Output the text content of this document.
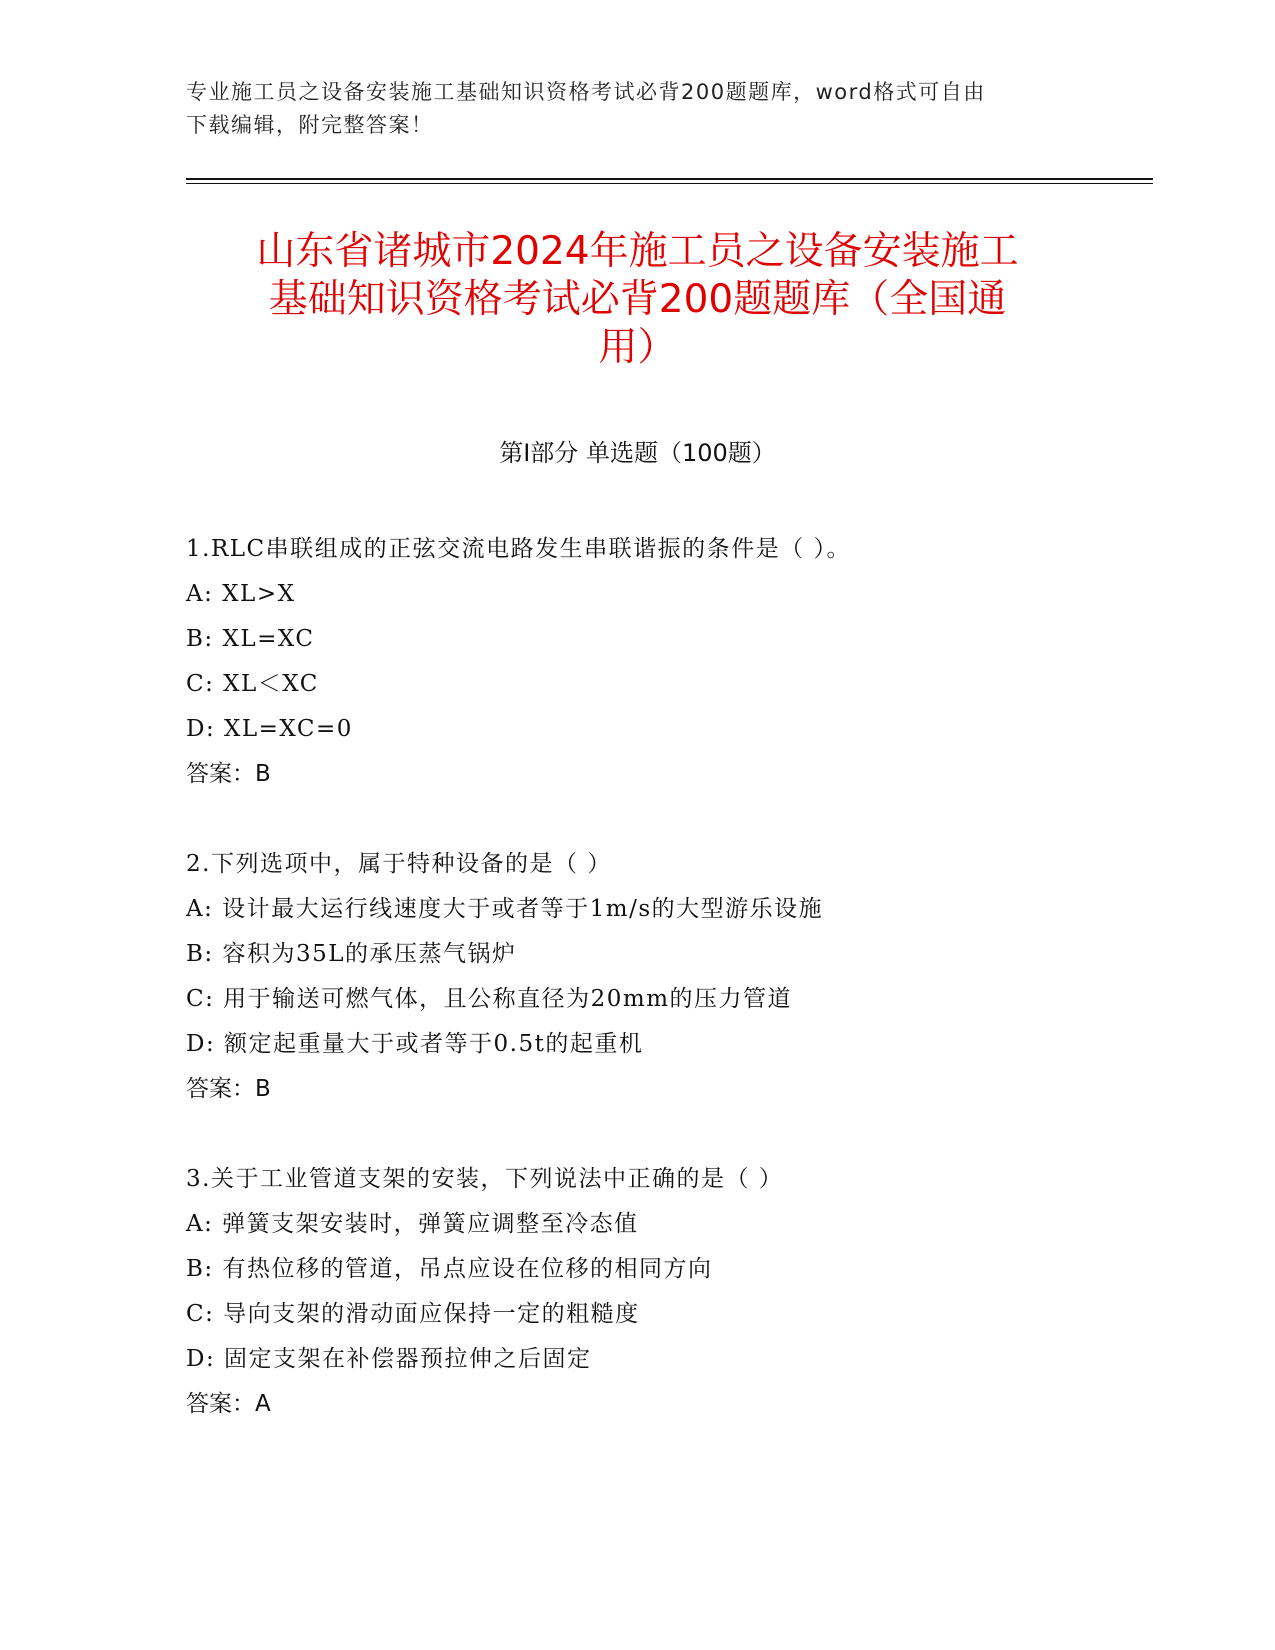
专业施工员之设备安装施工基础知识资格考试必背200题题库，word格式可自由
下载编辑，附完整答案！
山东省诸城市2024年施工员之设备安装施工
基础知识资格考试必背200题题库（全国通
用）
第Ⅰ部分 单选题（100题）
1.RLC串联组成的正弦交流电路发生串联谐振的条件是（ ）。
A: XL>X
B: XL=XC
C: XL＜XC
D: XL=XC=0
答案：B
2.下列选项中，属于特种设备的是（ ）
A: 设计最大运行线速度大于或者等于1m/s的大型游乐设施
B: 容积为35L的承压蒸气锅炉
C: 用于输送可燃气体，且公称直径为20mm的压力管道
D: 额定起重量大于或者等于0.5t的起重机
答案：B
3.关于工业管道支架的安装，下列说法中正确的是（ ）
A: 弹簧支架安装时，弹簧应调整至冷态值
B: 有热位移的管道，吊点应设在位移的相同方向
C: 导向支架的滑动面应保持一定的粗糙度
D: 固定支架在补偿器预拉伸之后固定
答案：A
